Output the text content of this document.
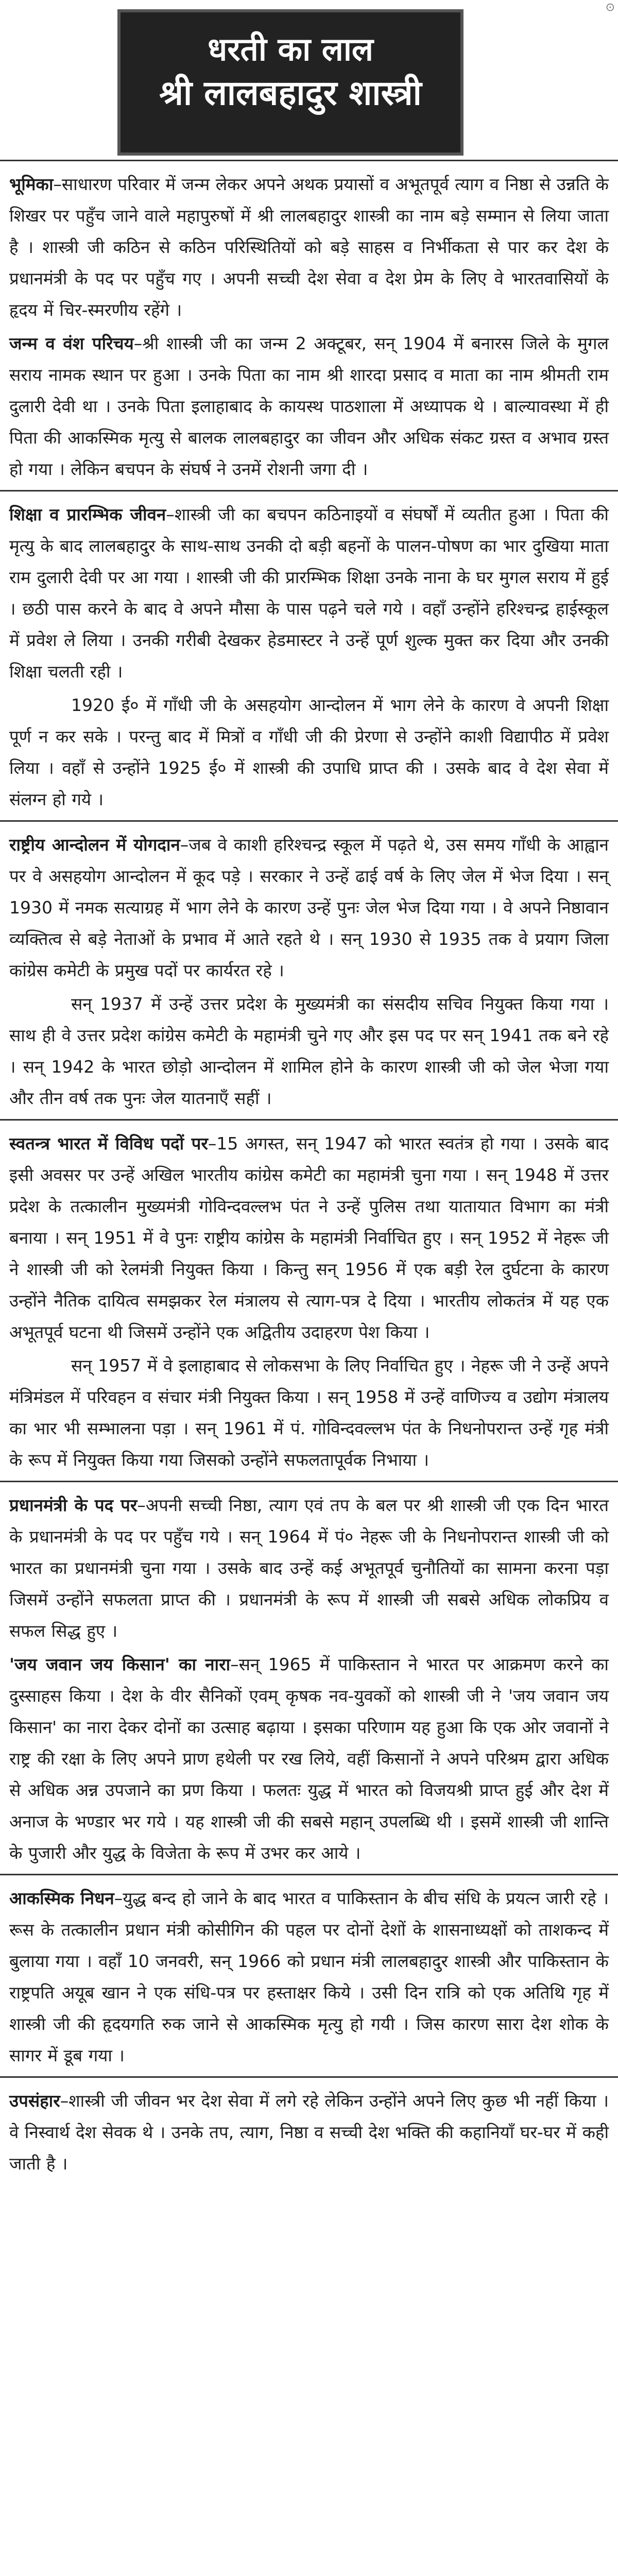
⊙
धरती का लाल
श्री लालबहादुर शास्त्री

भूमिका–साधारण परिवार में जन्म लेकर अपने अथक प्रयासों व अभूतपूर्व त्याग व निष्ठा से उन्नति के शिखर पर पहुँच जाने वाले महापुरुषों में श्री लालबहादुर शास्त्री का नाम बड़े सम्मान से लिया जाता है । शास्त्री जी कठिन से कठिन परिस्थितियों को बड़े साहस व निर्भीकता से पार कर देश के प्रधानमंत्री के पद पर पहुँच गए । अपनी सच्ची देश सेवा व देश प्रेम के लिए वे भारतवासियों के हृदय में चिर-स्मरणीय रहेंगे ।

जन्म व वंश परिचय–श्री शास्त्री जी का जन्म 2 अक्टूबर, सन् 1904 में बनारस जिले के मुगल सराय नामक स्थान पर हुआ । उनके पिता का नाम श्री शारदा प्रसाद व माता का नाम श्रीमती राम दुलारी देवी था । उनके पिता इलाहाबाद के कायस्थ पाठशाला में अध्यापक थे । बाल्यावस्था में ही पिता की आकस्मिक मृत्यु से बालक लालबहादुर का जीवन और अधिक संकट ग्रस्त व अभाव ग्रस्त हो गया । लेकिन बचपन के संघर्ष ने उनमें रोशनी जगा दी ।

शिक्षा व प्रारम्भिक जीवन–शास्त्री जी का बचपन कठिनाइयों व संघर्षों में व्यतीत हुआ । पिता की मृत्यु के बाद लालबहादुर के साथ-साथ उनकी दो बड़ी बहनों के पालन-पोषण का भार दुखिया माता राम दुलारी देवी पर आ गया । शास्त्री जी की प्रारम्भिक शिक्षा उनके नाना के घर मुगल सराय में हुई । छठी पास करने के बाद वे अपने मौसा के पास पढ़ने चले गये । वहाँ उन्होंने हरिश्चन्द्र हाईस्कूल में प्रवेश ले लिया । उनकी गरीबी देखकर हेडमास्टर ने उन्हें पूर्ण शुल्क मुक्त कर दिया और उनकी शिक्षा चलती रही ।

1920 ई० में गाँधी जी के असहयोग आन्दोलन में भाग लेने के कारण वे अपनी शिक्षा पूर्ण न कर सके । परन्तु बाद में मित्रों व गाँधी जी की प्रेरणा से उन्होंने काशी विद्यापीठ में प्रवेश लिया । वहाँ से उन्होंने 1925 ई० में शास्त्री की उपाधि प्राप्त की । उसके बाद वे देश सेवा में संलग्न हो गये ।

राष्ट्रीय आन्दोलन में योगदान–जब वे काशी हरिश्चन्द्र स्कूल में पढ़ते थे, उस समय गाँधी के आह्वान पर वे असहयोग आन्दोलन में कूद पड़े । सरकार ने उन्हें ढाई वर्ष के लिए जेल में भेज दिया । सन् 1930 में नमक सत्याग्रह में भाग लेने के कारण उन्हें पुनः जेल भेज दिया गया । वे अपने निष्ठावान व्यक्तित्व से बड़े नेताओं के प्रभाव में आते रहते थे । सन् 1930 से 1935 तक वे प्रयाग जिला कांग्रेस कमेटी के प्रमुख पदों पर कार्यरत रहे ।

सन् 1937 में उन्हें उत्तर प्रदेश के मुख्यमंत्री का संसदीय सचिव नियुक्त किया गया । साथ ही वे उत्तर प्रदेश कांग्रेस कमेटी के महामंत्री चुने गए और इस पद पर सन् 1941 तक बने रहे । सन् 1942 के भारत छोड़ो आन्दोलन में शामिल होने के कारण शास्त्री जी को जेल भेजा गया और तीन वर्ष तक पुनः जेल यातनाएँ सहीं ।

स्वतन्त्र भारत में विविध पदों पर–15 अगस्त, सन् 1947 को भारत स्वतंत्र हो गया । उसके बाद इसी अवसर पर उन्हें अखिल भारतीय कांग्रेस कमेटी का महामंत्री चुना गया । सन् 1948 में उत्तर प्रदेश के तत्कालीन मुख्यमंत्री गोविन्दवल्लभ पंत ने उन्हें पुलिस तथा यातायात विभाग का मंत्री बनाया । सन् 1951 में वे पुनः राष्ट्रीय कांग्रेस के महामंत्री निर्वाचित हुए । सन् 1952 में नेहरू जी ने शास्त्री जी को रेलमंत्री नियुक्त किया । किन्तु सन् 1956 में एक बड़ी रेल दुर्घटना के कारण उन्होंने नैतिक दायित्व समझकर रेल मंत्रालय से त्याग-पत्र दे दिया । भारतीय लोकतंत्र में यह एक अभूतपूर्व घटना थी जिसमें उन्होंने एक अद्वितीय उदाहरण पेश किया ।

सन् 1957 में वे इलाहाबाद से लोकसभा के लिए निर्वाचित हुए । नेहरू जी ने उन्हें अपने मंत्रिमंडल में परिवहन व संचार मंत्री नियुक्त किया । सन् 1958 में उन्हें वाणिज्य व उद्योग मंत्रालय का भार भी सम्भालना पड़ा । सन् 1961 में पं. गोविन्दवल्लभ पंत के निधनोपरान्त उन्हें गृह मंत्री के रूप में नियुक्त किया गया जिसको उन्होंने सफलतापूर्वक निभाया ।

प्रधानमंत्री के पद पर–अपनी सच्ची निष्ठा, त्याग एवं तप के बल पर श्री शास्त्री जी एक दिन भारत के प्रधानमंत्री के पद पर पहुँच गये । सन् 1964 में पं० नेहरू जी के निधनोपरान्त शास्त्री जी को भारत का प्रधानमंत्री चुना गया । उसके बाद उन्हें कई अभूतपूर्व चुनौतियों का सामना करना पड़ा जिसमें उन्होंने सफलता प्राप्त की । प्रधानमंत्री के रूप में शास्त्री जी सबसे अधिक लोकप्रिय व सफल सिद्ध हुए ।

'जय जवान जय किसान' का नारा–सन् 1965 में पाकिस्तान ने भारत पर आक्रमण करने का दुस्साहस किया । देश के वीर सैनिकों एवम् कृषक नव-युवकों को शास्त्री जी ने 'जय जवान जय किसान' का नारा देकर दोनों का उत्साह बढ़ाया । इसका परिणाम यह हुआ कि एक ओर जवानों ने राष्ट्र की रक्षा के लिए अपने प्राण हथेली पर रख लिये, वहीं किसानों ने अपने परिश्रम द्वारा अधिक से अधिक अन्न उपजाने का प्रण किया । फलतः युद्ध में भारत को विजयश्री प्राप्त हुई और देश में अनाज के भण्डार भर गये । यह शास्त्री जी की सबसे महान् उपलब्धि थी । इसमें शास्त्री जी शान्ति के पुजारी और युद्ध के विजेता के रूप में उभर कर आये ।

आकस्मिक निधन–युद्ध बन्द हो जाने के बाद भारत व पाकिस्तान के बीच संधि के प्रयत्न जारी रहे । रूस के तत्कालीन प्रधान मंत्री कोसीगिन की पहल पर दोनों देशों के शासनाध्यक्षों को ताशकन्द में बुलाया गया । वहाँ 10 जनवरी, सन् 1966 को प्रधान मंत्री लालबहादुर शास्त्री और पाकिस्तान के राष्ट्रपति अयूब खान ने एक संधि-पत्र पर हस्ताक्षर किये । उसी दिन रात्रि को एक अतिथि गृह में शास्त्री जी की हृदयगति रुक जाने से आकस्मिक मृत्यु हो गयी । जिस कारण सारा देश शोक के सागर में डूब गया ।

उपसंहार–शास्त्री जी जीवन भर देश सेवा में लगे रहे लेकिन उन्होंने अपने लिए कुछ भी नहीं किया । वे निस्वार्थ देश सेवक थे । उनके तप, त्याग, निष्ठा व सच्ची देश भक्ति की कहानियाँ घर-घर में कही जाती है ।
